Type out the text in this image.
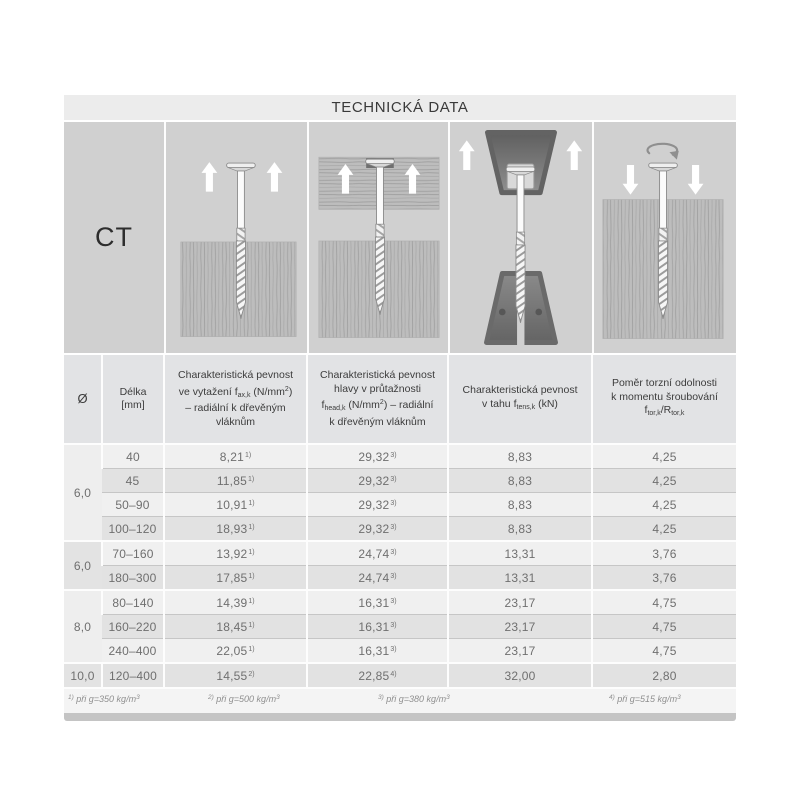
TECHNICKÁ DATA
CT
Ø	Délka
[mm]

Charakteristická pevnost
ve vytažení $f_{ax,k}$ $(N/mm^2)$
– radiální k dřevěným
vláknům

Charakteristická pevnost
hlavy v průtažnosti
$f_{head,k}$ $(N/mm^2)$ – radiální
k dřevěným vláknům

Charakteristická pevnost
v tahu $f_{tens,k}$ (kN)

Poměr torzní odolnosti
k momentu šroubování
$f_{tor,k}/R_{tor,k}$

6,0	40	8,21$^{1)}$	29,32$^{3)}$	8,83	4,25
	45	11,85$^{1)}$	29,32$^{3)}$	8,83	4,25
	50–90	10,91$^{1)}$	29,32$^{3)}$	8,83	4,25
	100–120	18,93$^{1)}$	29,32$^{3)}$	8,83	4,25
6,0	70–160	13,92$^{1)}$	24,74$^{3)}$	13,31	3,76
	180–300	17,85$^{1)}$	24,74$^{3)}$	13,31	3,76
8,0	80–140	14,39$^{1)}$	16,31$^{3)}$	23,17	4,75
	160–220	18,45$^{1)}$	16,31$^{3)}$	23,17	4,75
	240–400	22,05$^{1)}$	16,31$^{3)}$	23,17	4,75
10,0	120–400	14,55$^{2)}$	22,85$^{4)}$	32,00	2,80
$^{1)}$ při g=350 $kg/m^3$	$^{2)}$ při g=500 $kg/m^3$	$^{3)}$ při g=380 $kg/m^3$	$^{4)}$ při g=515 $kg/m^3$
